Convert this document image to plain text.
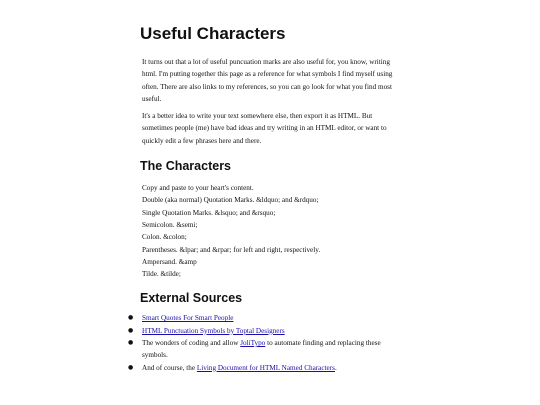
Useful Characters

It turns out that a lot of useful puncuation marks are also useful for, you know, writing html. I'm putting together this page as a reference for what symbols I find myself using often. There are also links to my references, so you can go look for what you find most useful.

It's a better idea to write your text somewhere else, then export it as HTML. But sometimes people (me) have bad ideas and try writing in an HTML editor, or want to quickly edit a few phrases here and there.

The Characters
Copy and paste to your heart's content.
Double (aka normal) Quotation Marks. &ldquo; and &rdquo;
Single Quotation Marks. &lsquo; and &rsquo;
Semicolon. &semi;
Colon. &colon;
Parentheses. &lpar; and &rpar; for left and right, respectively.
Ampersand. &amp
Tilde. &tilde;
External Sources
● Smart Quotes For Smart People
● HTML Punctuation Symbols by Toptal Designers
● The wonders of coding and allow JoliTypo to automate finding and replacing these symbols.
● And of course, the Living Document for HTML Named Characters.
